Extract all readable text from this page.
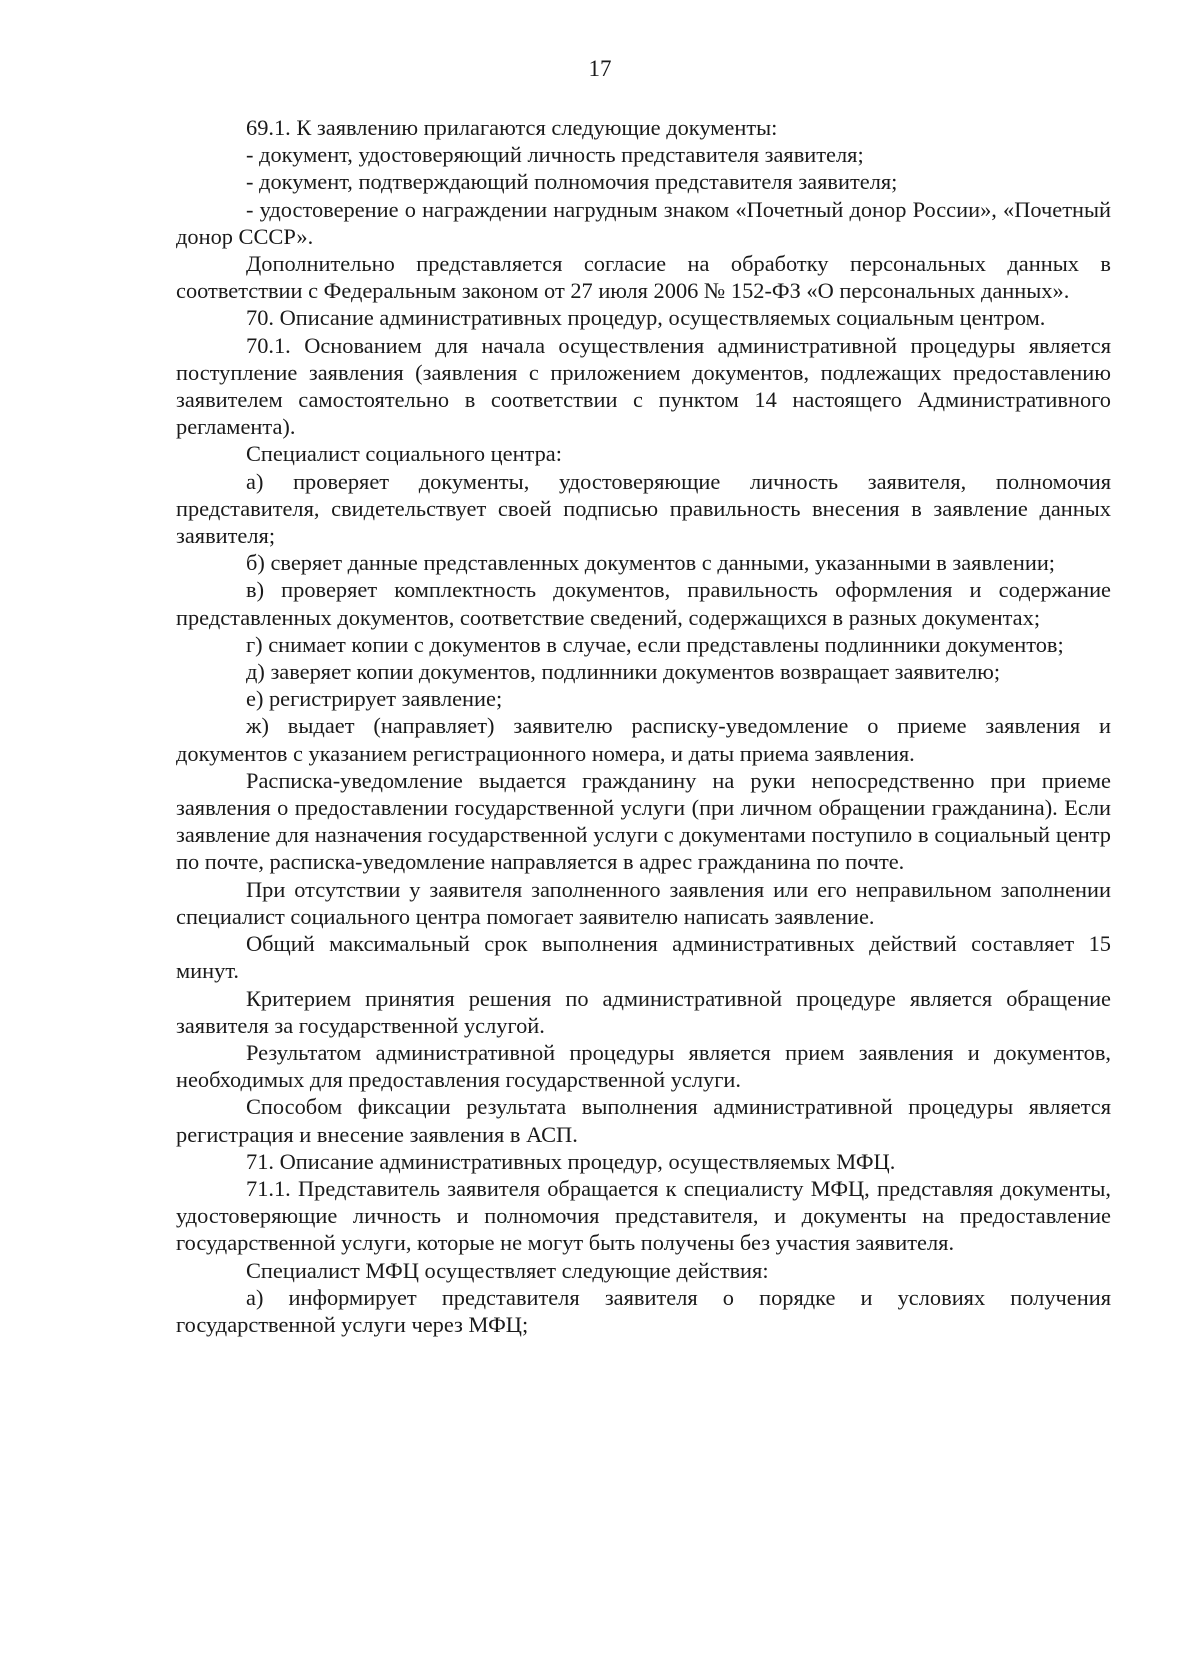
17

69.1. К заявлению прилагаются следующие документы:

- документ, удостоверяющий личность представителя заявителя;

- документ, подтверждающий полномочия представителя заявителя;

- удостоверение о награждении нагрудным знаком «Почетный донор России», «Почетный донор СССР».

Дополнительно представляется согласие на обработку персональных данных в соответствии с Федеральным законом от 27 июля 2006 № 152-ФЗ «О персональных данных».

70. Описание административных процедур, осуществляемых социальным центром.

70.1. Основанием для начала осуществления административной процедуры является поступление заявления (заявления с приложением документов, подлежащих предоставлению заявителем самостоятельно в соответствии с пунктом 14 настоящего Административного регламента).

Специалист социального центра:

а) проверяет документы, удостоверяющие личность заявителя, полномочия представителя, свидетельствует своей подписью правильность внесения в заявление данных заявителя;

б) сверяет данные представленных документов с данными, указанными в заявлении;

в) проверяет комплектность документов, правильность оформления и содержание представленных документов, соответствие сведений, содержащихся в разных документах;

г) снимает копии с документов в случае, если представлены подлинники документов;

д) заверяет копии документов, подлинники документов возвращает заявителю;

е) регистрирует заявление;

ж) выдает (направляет) заявителю расписку-уведомление о приеме заявления и документов с указанием регистрационного номера, и даты приема заявления.

Расписка-уведомление выдается гражданину на руки непосредственно при приеме заявления о предоставлении государственной услуги (при личном обращении гражданина). Если заявление для назначения государственной услуги с документами поступило в социальный центр по почте, расписка-уведомление направляется в адрес гражданина по почте.

При отсутствии у заявителя заполненного заявления или его неправильном заполнении специалист социального центра помогает заявителю написать заявление.

Общий максимальный срок выполнения административных действий составляет 15 минут.

Критерием принятия решения по административной процедуре является обращение заявителя за государственной услугой.

Результатом административной процедуры является прием заявления и документов, необходимых для предоставления государственной услуги.

Способом фиксации результата выполнения административной процедуры является регистрация и внесение заявления в АСП.

71. Описание административных процедур, осуществляемых МФЦ.

71.1. Представитель заявителя обращается к специалисту МФЦ, представляя документы, удостоверяющие личность и полномочия представителя, и документы на предоставление государственной услуги, которые не могут быть получены без участия заявителя.

Специалист МФЦ осуществляет следующие действия:

а) информирует представителя заявителя о порядке и условиях получения государственной услуги через МФЦ;
